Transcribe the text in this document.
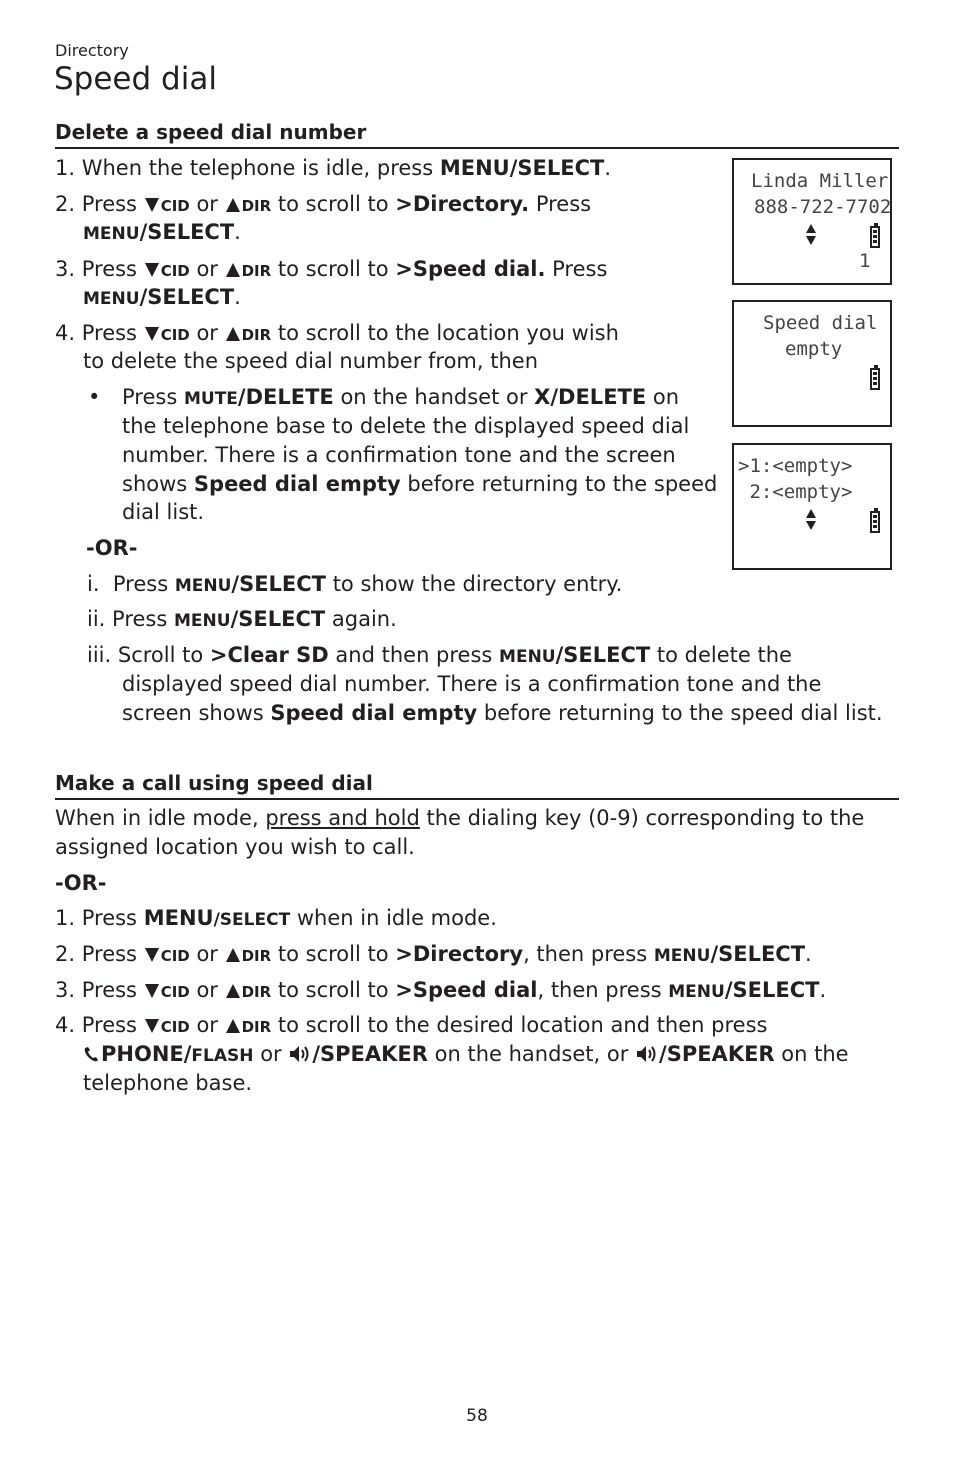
Directory
Speed dial
Delete a speed dial number
1. When the telephone is idle, press MENU/SELECT.
2. Press CID or DIR to scroll to >Directory. Press
MENU/SELECT.
3. Press CID or DIR to scroll to >Speed dial. Press
MENU/SELECT.
4. Press CID or DIR to scroll to the location you wish
to delete the speed dial number from, then
• Press MUTE/DELETE on the handset or X/DELETE on
the telephone base to delete the displayed speed dial
number. There is a confirmation tone and the screen
shows Speed dial empty before returning to the speed
dial list.
-OR-
i. Press MENU/SELECT to show the directory entry.
ii. Press MENU/SELECT again.
iii. Scroll to >Clear SD and then press MENU/SELECT to delete the
displayed speed dial number. There is a confirmation tone and the
screen shows Speed dial empty before returning to the speed dial list.
Linda Miller
888-722-7702
1
Speed dial
empty
>1:<empty>
2:<empty>
Make a call using speed dial
When in idle mode, press and hold the dialing key (0-9) corresponding to the
assigned location you wish to call.
-OR-
1. Press MENU/SELECT when in idle mode.
2. Press CID or DIR to scroll to >Directory, then press MENU/SELECT.
3. Press CID or DIR to scroll to >Speed dial, then press MENU/SELECT.
4. Press CID or DIR to scroll to the desired location and then press
PHONE/FLASH or /SPEAKER on the handset, or /SPEAKER on the
telephone base.
58
